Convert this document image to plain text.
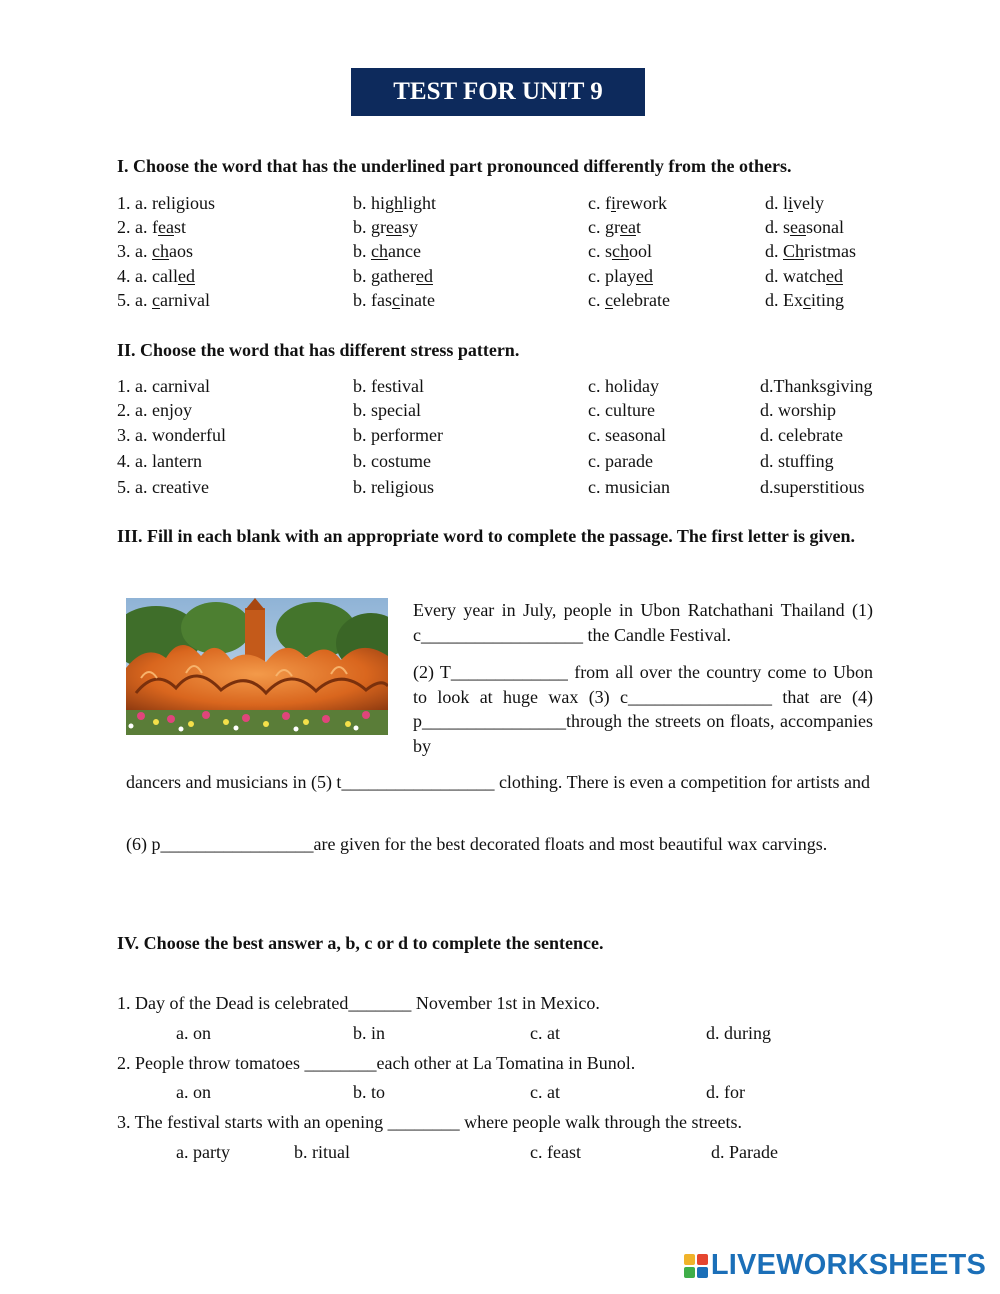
TEST FOR UNIT 9
I. Choose the word that has the underlined part pronounced differently from the others.
1. a. religious	b. highlight	c. firework	d. lively
2. a. feast	b. greasy	c. great	d. seasonal
3. a. chaos	b. chance	c. school	d. Christmas
4. a. called	b. gathered	c. played	d. watched
5. a. carnival	b. fascinate	c. celebrate	d. Exciting
II. Choose the word that has different stress pattern.
1. a. carnival	b. festival	c. holiday	d.Thanksgiving
2. a. enjoy	b. special	c. culture	d. worship
3. a. wonderful	b. performer	c. seasonal	d. celebrate
4. a. lantern	b. costume	c. parade	d. stuffing
5. a. creative	b. religious	c. musician	d.superstitious
III. Fill in each blank with an appropriate word to complete the passage. The first letter is given.
Every year in July, people in Ubon Ratchathani Thailand (1) c__________________ the Candle Festival.
(2) T_____________ from all over the country come to Ubon to look at huge wax (3) c________________ that are (4) p________________through the streets on floats, accompanies by
dancers and musicians in (5) t_________________ clothing. There is even a competition for artists and
(6) p_________________are given for the best decorated floats and most beautiful wax carvings.
IV. Choose the best answer a, b, c or d to complete the sentence.
1. Day of the Dead is celebrated_______ November 1st in Mexico.
a. on	b. in	c. at	d. during
2. People throw tomatoes ________each other at La Tomatina in Bunol.
a. on	b. to	c. at	d. for
3. The festival starts with an opening ________ where people walk through the streets.
a. party	b. ritual	c. feast	d. Parade
LIVEWORKSHEETS
